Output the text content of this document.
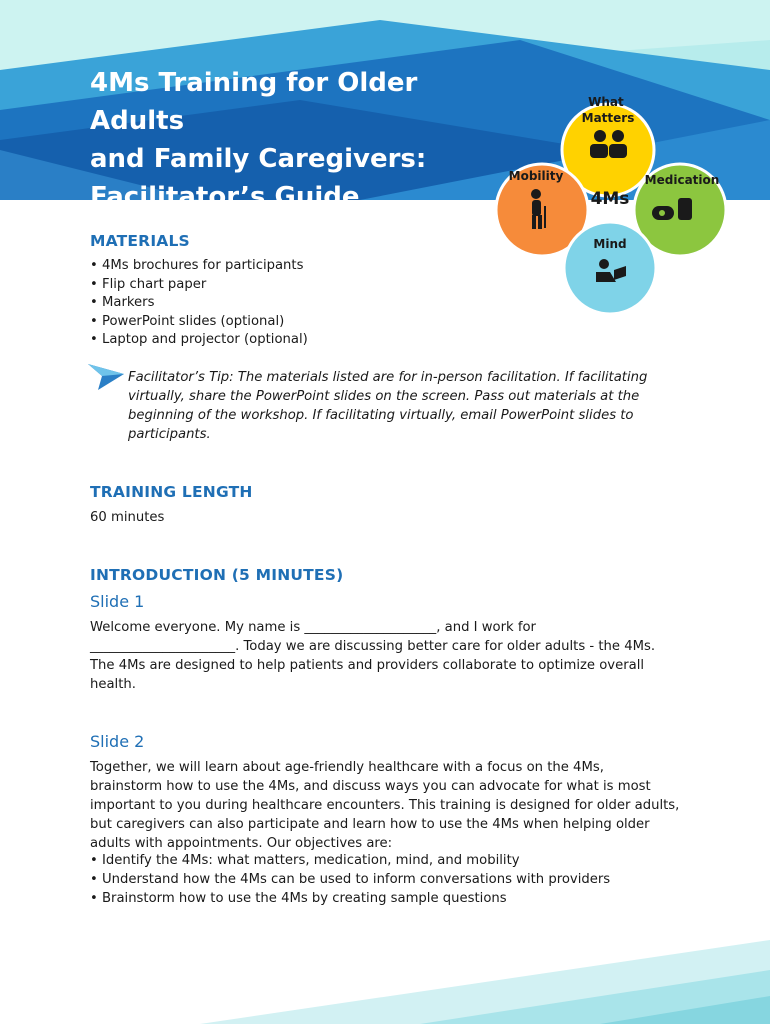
4Ms Training for Older Adults
and Family Caregivers:
Facilitator’s Guide
What Matters
Mobility
4Ms
Medication
Mind
MATERIALS
• 4Ms brochures for participants
• Flip chart paper
• Markers
• PowerPoint slides (optional)
• Laptop and projector (optional)

Facilitator’s Tip: The materials listed are for in-person facilitation. If facilitating virtually, share the PowerPoint slides on the screen. Pass out materials at the beginning of the workshop. If facilitating virtually, email PowerPoint slides to participants.

TRAINING LENGTH

60 minutes

INTRODUCTION (5 MINUTES)
Slide 1

Welcome everyone. My name is ____________________, and I work for ______________________. Today we are discussing better care for older adults - the 4Ms. The 4Ms are designed to help patients and providers collaborate to optimize overall health.

Slide 2

Together, we will learn about age-friendly healthcare with a focus on the 4Ms, brainstorm how to use the 4Ms, and discuss ways you can advocate for what is most important to you during healthcare encounters. This training is designed for older adults, but caregivers can also participate and learn how to use the 4Ms when helping older adults with appointments. Our objectives are:

• Identify the 4Ms: what matters, medication, mind, and mobility
• Understand how the 4Ms can be used to inform conversations with providers
• Brainstorm how to use the 4Ms by creating sample questions
